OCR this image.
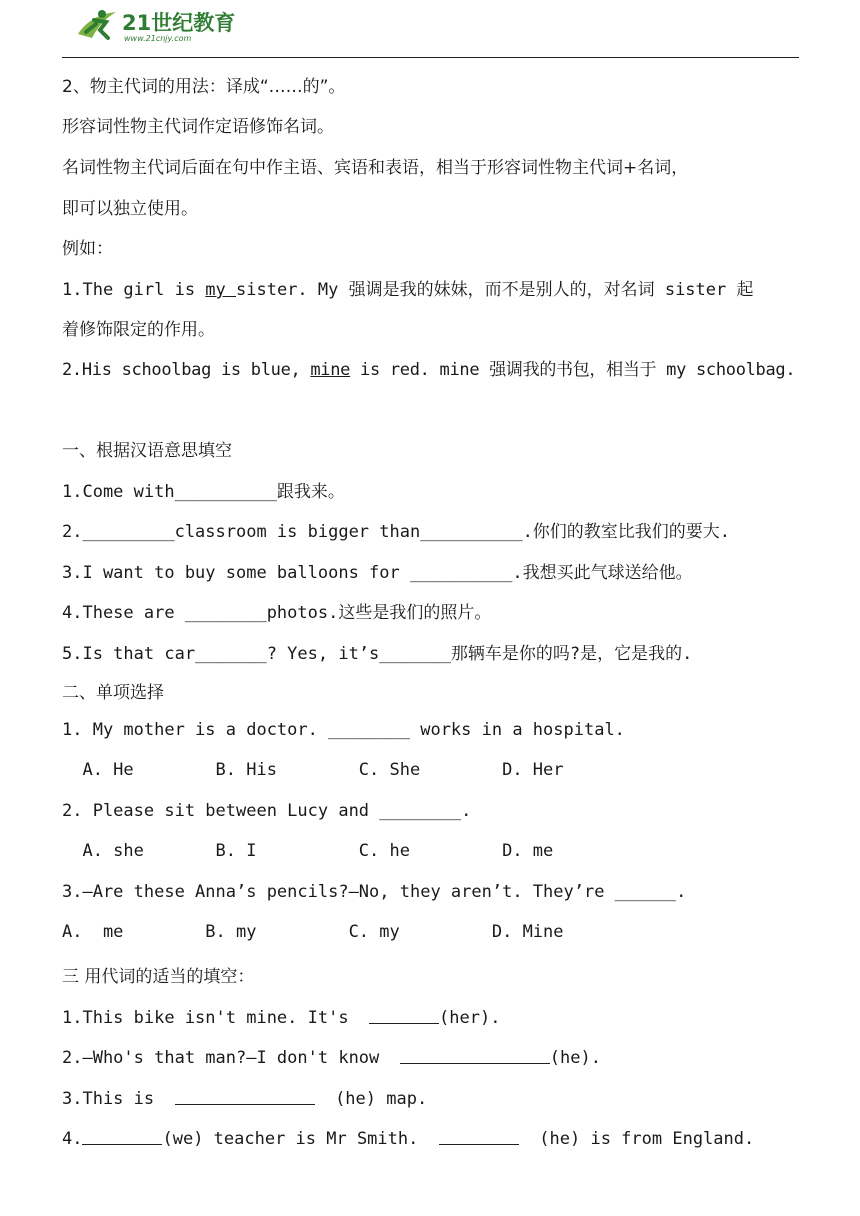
21世纪教育
www.21cnjy.com
2、物主代词的用法：译成“……的”。
形容词性物主代词作定语修饰名词。
名词性物主代词后面在句中作主语、宾语和表语，相当于形容词性物主代词+名词，
即可以独立使用。
例如：
1.The girl is my sister. My 强调是我的妹妹，而不是别人的，对名词 sister 起
着修饰限定的作用。
2.His schoolbag is blue, mine is red. mine 强调我的书包，相当于 my schoolbag.
一、根据汉语意思填空
1.Come with__________跟我来。
2._________classroom is bigger than__________.你们的教室比我们的要大.
3.I want to buy some balloons for __________.我想买此气球送给他。
4.These are ________photos.这些是我们的照片。
5.Is that car_______? Yes, it’s_______那辆车是你的吗?是，它是我的.
二、单项选择
1. My mother is a doctor. ________ works in a hospital.
A. He        B. His        C. She        D. Her
2. Please sit between Lucy and ________.
A. she       B. I          C. he         D. me
3.—Are these Anna’s pencils?—No, they aren’t. They’re ______.
A.  me        B. my         C. my         D. Mine
三 用代词的适当的填空：
1.This bike isn't mine. It's	(her).
2.—Who's that man?—I don't know	(he).
3.This is	(he) map.
4.	(we) teacher is Mr Smith.	(he) is from England.
